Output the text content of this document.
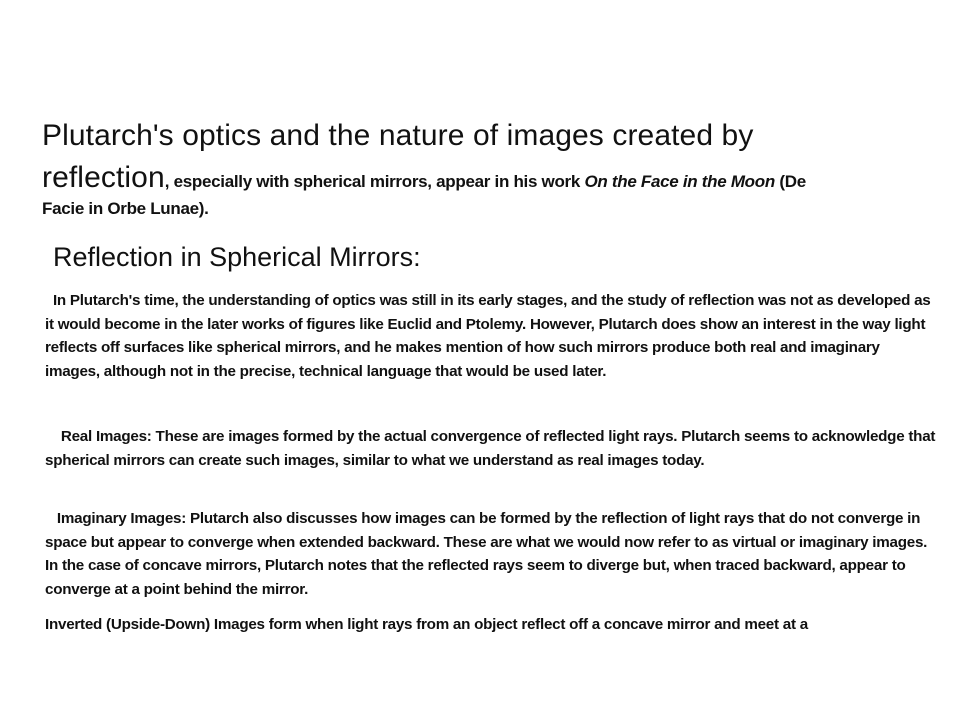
Plutarch's optics and the nature of images created by
reflection, especially with spherical mirrors, appear in his work On the Face in the Moon (De
Facie in Orbe Lunae).
Reflection in Spherical Mirrors:

In Plutarch's time, the understanding of optics was still in its early stages, and the study of reflection was not as developed as it would become in the later works of figures like Euclid and Ptolemy. However, Plutarch does show an interest in the way light reflects off surfaces like spherical mirrors, and he makes mention of how such mirrors produce both real and imaginary images, although not in the precise, technical language that would be used later.

Real Images: These are images formed by the actual convergence of reflected light rays. Plutarch seems to acknowledge that spherical mirrors can create such images, similar to what we understand as real images today.

Imaginary Images: Plutarch also discusses how images can be formed by the reflection of light rays that do not converge in space but appear to converge when extended backward. These are what we would now refer to as virtual or imaginary images. In the case of concave mirrors, Plutarch notes that the reflected rays seem to diverge but, when traced backward, appear to converge at a point behind the mirror.

Inverted (Upside-Down) Images form when light rays from an object reflect off a concave mirror and meet at a
